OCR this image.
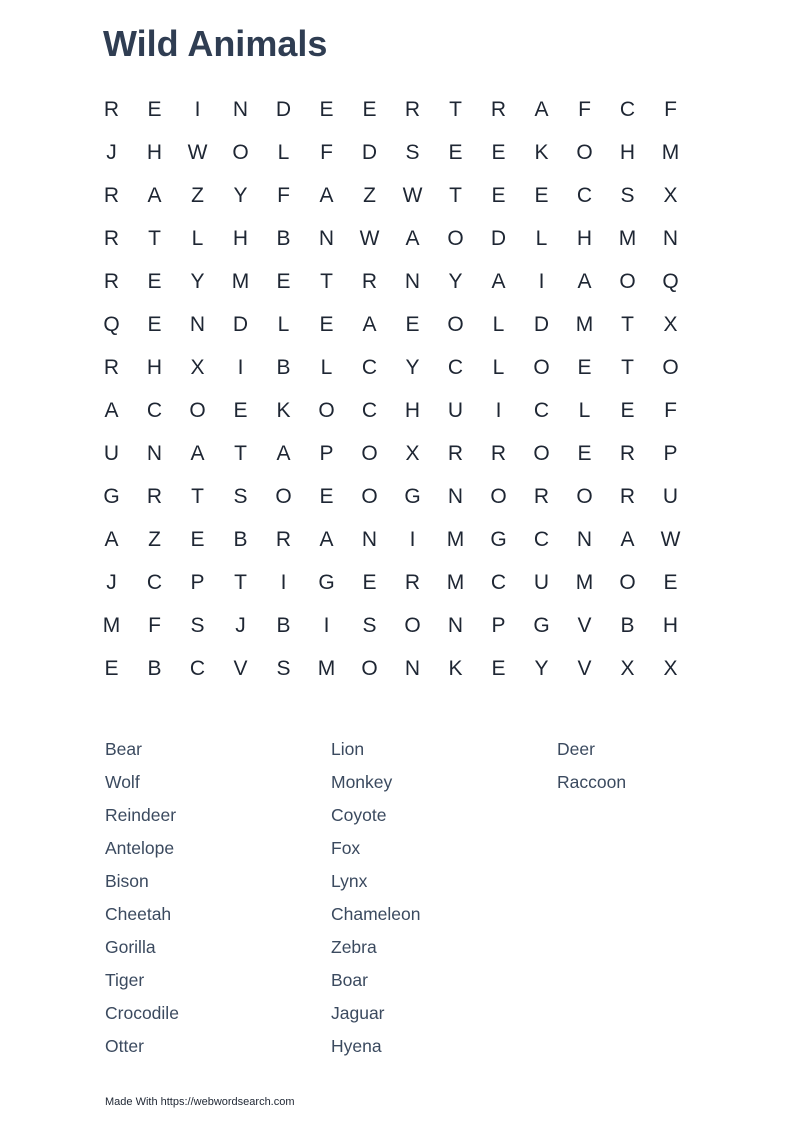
Wild Animals
R	E	I	N	D	E	E	R	T	R	A	F	C	F
J	H	W	O	L	F	D	S	E	E	K	O	H	M
R	A	Z	Y	F	A	Z	W	T	E	E	C	S	X
R	T	L	H	B	N	W	A	O	D	L	H	M	N
R	E	Y	M	E	T	R	N	Y	A	I	A	O	Q
Q	E	N	D	L	E	A	E	O	L	D	M	T	X
R	H	X	I	B	L	C	Y	C	L	O	E	T	O
A	C	O	E	K	O	C	H	U	I	C	L	E	F
U	N	A	T	A	P	O	X	R	R	O	E	R	P
G	R	T	S	O	E	O	G	N	O	R	O	R	U
A	Z	E	B	R	A	N	I	M	G	C	N	A	W
J	C	P	T	I	G	E	R	M	C	U	M	O	E
M	F	S	J	B	I	S	O	N	P	G	V	B	H
E	B	C	V	S	M	O	N	K	E	Y	V	X	X
Bear
Wolf
Reindeer
Antelope
Bison
Cheetah
Gorilla
Tiger
Crocodile
Otter
Lion
Monkey
Coyote
Fox
Lynx
Chameleon
Zebra
Boar
Jaguar
Hyena
Deer
Raccoon
Made With https://webwordsearch.com
